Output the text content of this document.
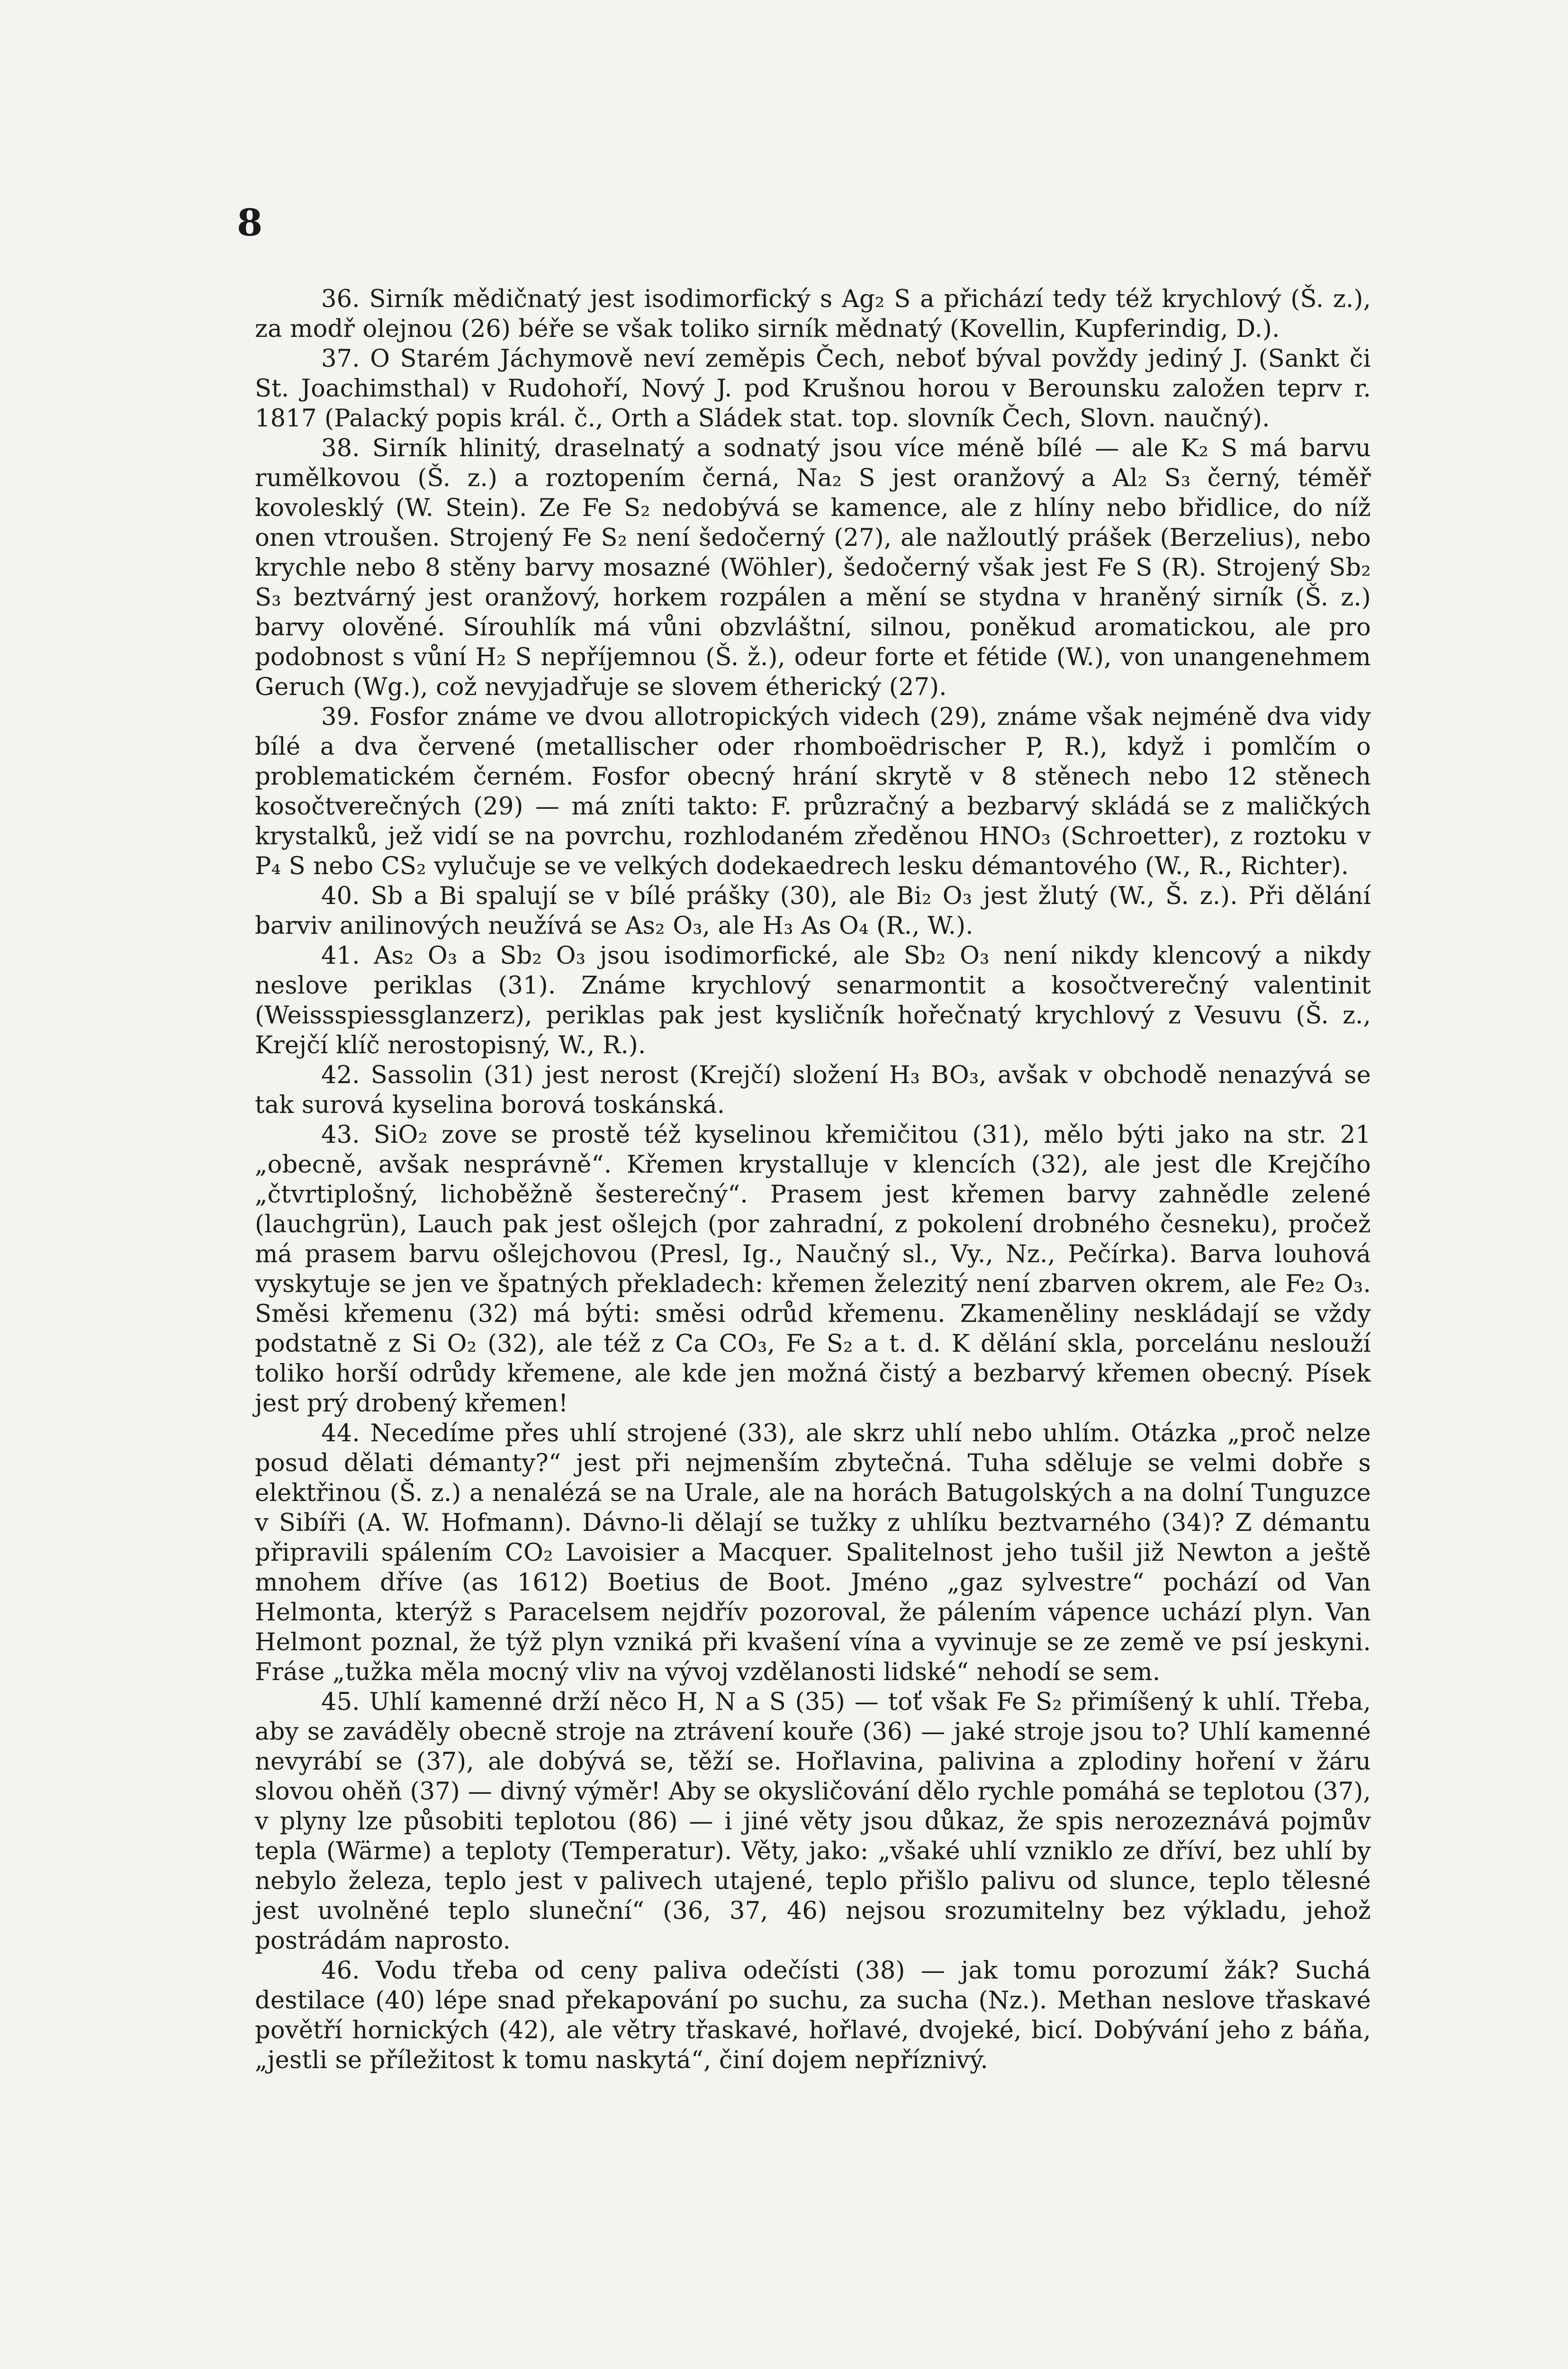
8

36. Sirník mědičnatý jest isodimorfický s Ag₂ S a přichází tedy též krychlový (Š. z.), za modř olejnou (26) béře se však toliko sirník mědnatý (Kovellin, Kupferindig, D.).

37. O Starém Jáchymově neví zeměpis Čech, neboť býval povždy jediný J. (Sankt či St. Joachimsthal) v Rudohoří, Nový J. pod Krušnou horou v Berounsku založen teprv r. 1817 (Palacký popis král. č., Orth a Sládek stat. top. slovník Čech, Slovn. naučný).

38. Sirník hlinitý, draselnatý a sodnatý jsou více méně bílé — ale K₂ S má barvu rumělkovou (Š. z.) a roztopením černá, Na₂ S jest oranžový a Al₂ S₃ černý, téměř kovolesklý (W. Stein). Ze Fe S₂ nedobývá se kamence, ale z hlíny nebo břidlice, do níž onen vtroušen. Strojený Fe S₂ není šedočerný (27), ale nažloutlý prášek (Berzelius), nebo krychle nebo 8 stěny barvy mosazné (Wöhler), šedočerný však jest Fe S (R). Strojený Sb₂ S₃ beztvárný jest oranžový, horkem rozpálen a mění se stydna v hraněný sirník (Š. z.) barvy olověné. Sírouhlík má vůni obzvláštní, silnou, poněkud aromatickou, ale pro podobnost s vůní H₂ S nepříjemnou (Š. ž.), odeur forte et fétide (W.), von unangenehmem Geruch (Wg.), což nevyjadřuje se slovem étherický (27).

39. Fosfor známe ve dvou allotropických videch (29), známe však nejméně dva vidy bílé a dva červené (metallischer oder rhomboëdrischer P, R.), když i pomlčím o problematickém černém. Fosfor obecný hrání skrytě v 8 stěnech nebo 12 stěnech kosočtverečných (29) — má zníti takto: F. průzračný a bezbarvý skládá se z maličkých krystalků, jež vidí se na povrchu, rozhlodaném zředěnou HNO₃ (Schroetter), z roztoku v P₄ S nebo CS₂ vylučuje se ve velkých dodekaedrech lesku démantového (W., R., Richter).

40. Sb a Bi spalují se v bílé prášky (30), ale Bi₂ O₃ jest žlutý (W., Š. z.). Při dělání barviv anilinových neužívá se As₂ O₃, ale H₃ As O₄ (R., W.).

41. As₂ O₃ a Sb₂ O₃ jsou isodimorfické, ale Sb₂ O₃ není nikdy klencový a nikdy neslove periklas (31). Známe krychlový senarmontit a kosočtverečný valentinit (Weissspiessglanzerz), periklas pak jest kysličník hořečnatý krychlový z Vesuvu (Š. z., Krejčí klíč nerostopisný, W., R.).

42. Sassolin (31) jest nerost (Krejčí) složení H₃ BO₃, avšak v obchodě nenazývá se tak surová kyselina borová toskánská.

43. SiO₂ zove se prostě též kyselinou křemičitou (31), mělo býti jako na str. 21 „obecně, avšak nesprávně“. Křemen krystalluje v klencích (32), ale jest dle Krejčího „čtvrtiplošný, lichoběžně šesterečný“. Prasem jest křemen barvy zahnědle zelené (lauchgrün), Lauch pak jest ošlejch (por zahradní, z pokolení drobného česneku), pročež má prasem barvu ošlejchovou (Presl, Ig., Naučný sl., Vy., Nz., Pečírka). Barva louhová vyskytuje se jen ve špatných překladech: křemen železitý není zbarven okrem, ale Fe₂ O₃. Směsi křemenu (32) má býti: směsi odrůd křemenu. Zkameněliny neskládají se vždy podstatně z Si O₂ (32), ale též z Ca CO₃, Fe S₂ a t. d. K dělání skla, porcelánu neslouží toliko horší odrůdy křemene, ale kde jen možná čistý a bezbarvý křemen obecný. Písek jest prý drobený křemen!

44. Necedíme přes uhlí strojené (33), ale skrz uhlí nebo uhlím. Otázka „proč nelze posud dělati démanty?“ jest při nejmenším zbytečná. Tuha sděluje se velmi dobře s elektřinou (Š. z.) a nenalézá se na Urale, ale na horách Batugolských a na dolní Tunguzce v Sibíři (A. W. Hofmann). Dávno-li dělají se tužky z uhlíku beztvarného (34)? Z démantu připravili spálením CO₂ Lavoisier a Macquer. Spalitelnost jeho tušil již Newton a ještě mnohem dříve (as 1612) Boetius de Boot. Jméno „gaz sylvestre“ pochází od Van Helmonta, kterýž s Paracelsem nejdřív pozoroval, že pálením vápence uchází plyn. Van Helmont poznal, že týž plyn vzniká při kvašení vína a vyvinuje se ze země ve psí jeskyni. Fráse „tužka měla mocný vliv na vývoj vzdělanosti lidské“ nehodí se sem.

45. Uhlí kamenné drží něco H, N a S (35) — toť však Fe S₂ přimíšený k uhlí. Třeba, aby se zaváděly obecně stroje na ztrávení kouře (36) — jaké stroje jsou to? Uhlí kamenné nevyrábí se (37), ale dobývá se, těží se. Hořlavina, palivina a zplodiny hoření v žáru slovou ohěň (37) — divný výměr! Aby se okysličování dělo rychle pomáhá se teplotou (37), v plyny lze působiti teplotou (86) — i jiné věty jsou důkaz, že spis nerozeznává pojmův tepla (Wärme) a teploty (Temperatur). Věty, jako: „všaké uhlí vzniklo ze dříví, bez uhlí by nebylo železa, teplo jest v palivech utajené, teplo přišlo palivu od slunce, teplo tělesné jest uvolněné teplo sluneční“ (36, 37, 46) nejsou srozumitelny bez výkladu, jehož postrádám naprosto.

46. Vodu třeba od ceny paliva odečísti (38) — jak tomu porozumí žák? Suchá destilace (40) lépe snad překapování po suchu, za sucha (Nz.). Methan neslove třaskavé povětří hornických (42), ale větry třaskavé, hořlavé, dvojeké, bicí. Dobývání jeho z báňa, „jestli se příležitost k tomu naskytá“, činí dojem nepříznivý.
